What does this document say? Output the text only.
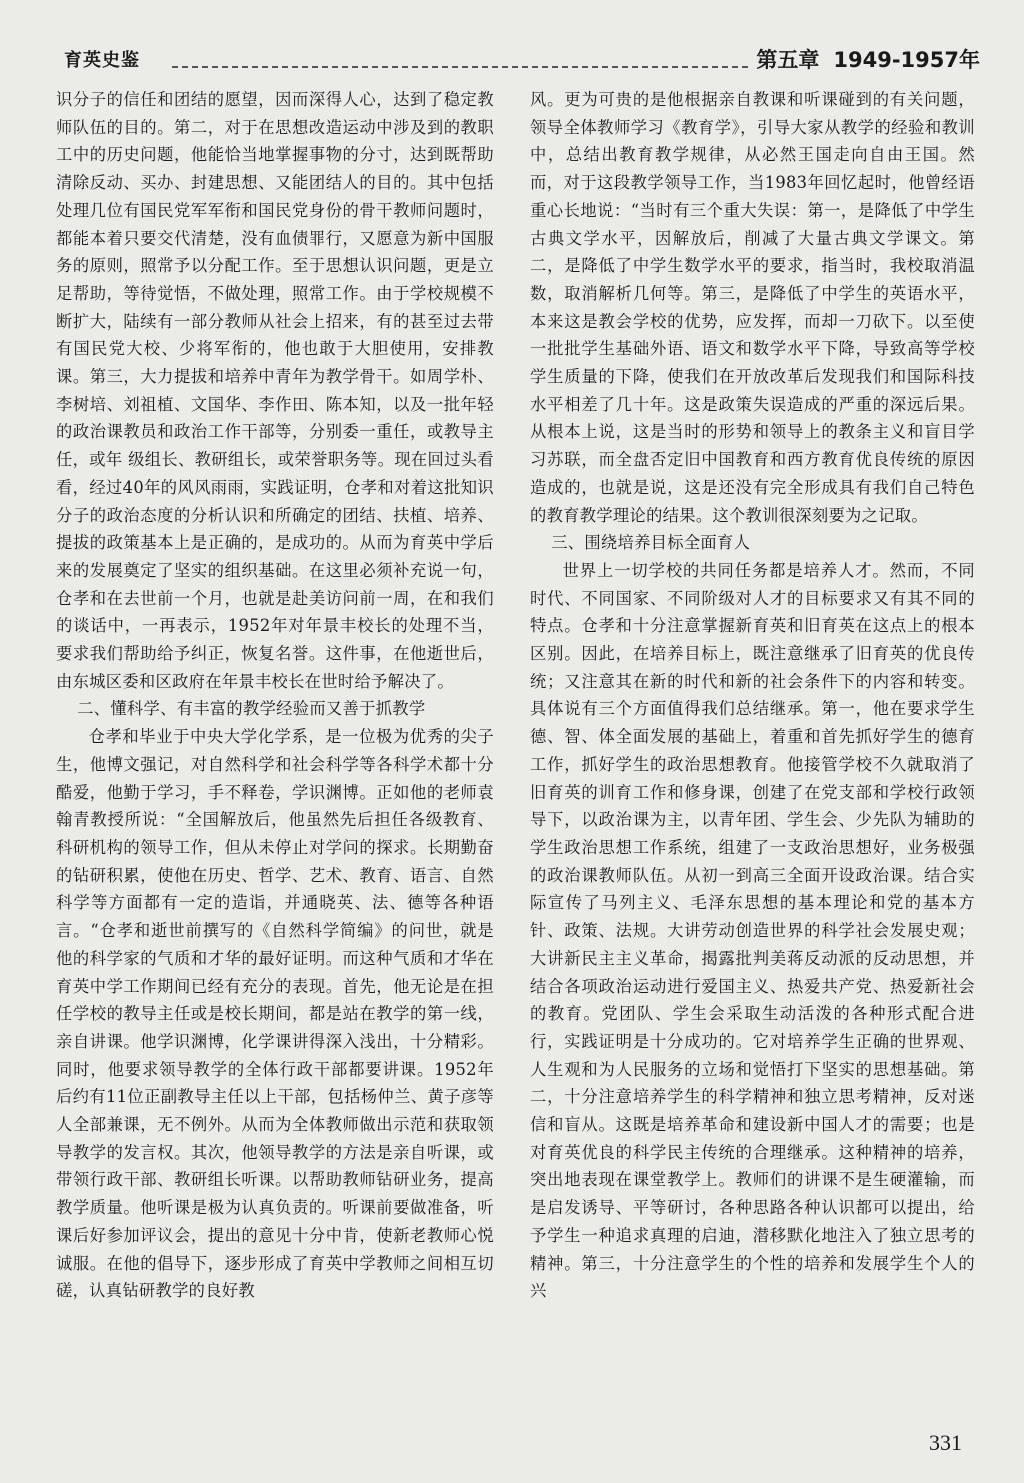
育英史鉴	第五章 1949-1957年

识分子的信任和团结的愿望，因而深得人心，达到了稳定教师队伍的目的。第二，对于在思想改造运动中涉及到的教职工中的历史问题，他能恰当地掌握事物的分寸，达到既帮助清除反动、买办、封建思想、又能团结人的目的。其中包括处理几位有国民党军军衔和国民党身份的骨干教师问题时，都能本着只要交代清楚，没有血债罪行，又愿意为新中国服务的原则，照常予以分配工作。至于思想认识问题，更是立足帮助，等待觉悟，不做处理，照常工作。由于学校规模不断扩大，陆续有一部分教师从社会上招来，有的甚至过去带有国民党大校、少将军衔的，他也敢于大胆使用，安排教课。第三，大力提拔和培养中青年为教学骨干。如周学朴、李树培、刘祖植、文国华、李作田、陈本知，以及一批年轻的政治课教员和政治工作干部等，分别委一重任，或教导主任，或年 级组长、教研组长，或荣誉职务等。现在回过头看看，经过40年的风风雨雨，实践证明，仓孝和对着这批知识分子的政治态度的分析认识和所确定的团结、扶植、培养、提拔的政策基本上是正确的，是成功的。从而为育英中学后来的发展奠定了坚实的组织基础。在这里必须补充说一句，仓孝和在去世前一个月，也就是赴美访问前一周，在和我们的谈话中，一再表示，1952年对年景丰校长的处理不当，要求我们帮助给予纠正，恢复名誉。这件事，在他逝世后，由东城区委和区政府在年景丰校长在世时给予解决了。

二、懂科学、有丰富的教学经验而又善于抓教学

仓孝和毕业于中央大学化学系，是一位极为优秀的尖子生，他博文强记，对自然科学和社会科学等各科学术都十分酷爱，他勤于学习，手不释卷，学识渊博。正如他的老师袁翰青教授所说：“全国解放后，他虽然先后担任各级教育、科研机构的领导工作，但从未停止对学问的探求。长期勤奋的钻研积累，使他在历史、哲学、艺术、教育、语言、自然科学等方面都有一定的造诣，并通晓英、法、德等各种语言。“仓孝和逝世前撰写的《自然科学简编》的问世，就是他的科学家的气质和才华的最好证明。而这种气质和才华在育英中学工作期间已经有充分的表现。首先，他无论是在担任学校的教导主任或是校长期间，都是站在教学的第一线，亲自讲课。他学识渊博，化学课讲得深入浅出，十分精彩。同时，他要求领导教学的全体行政干部都要讲课。1952年后约有11位正副教导主任以上干部，包括杨仲兰、黄子彦等人全部兼课，无不例外。从而为全体教师做出示范和获取领导教学的发言权。其次，他领导教学的方法是亲自听课，或带领行政干部、教研组长听课。以帮助教师钻研业务，提高教学质量。他听课是极为认真负责的。听课前要做准备，听课后好参加评议会，提出的意见十分中肯，使新老教师心悦诚服。在他的倡导下，逐步形成了育英中学教师之间相互切磋，认真钻研教学的良好教

风。更为可贵的是他根据亲自教课和听课碰到的有关问题，领导全体教师学习《教育学》，引导大家从教学的经验和教训中，总结出教育教学规律，从必然王国走向自由王国。然而，对于这段教学领导工作，当1983年回忆起时，他曾经语重心长地说：“当时有三个重大失误：第一，是降低了中学生古典文学水平，因解放后，削减了大量古典文学课文。第二，是降低了中学生数学水平的要求，指当时，我校取消温数，取消解析几何等。第三，是降低了中学生的英语水平，本来这是教会学校的优势，应发挥，而却一刀砍下。以至使一批批学生基础外语、语文和数学水平下降，导致高等学校学生质量的下降，使我们在开放改革后发现我们和国际科技水平相差了几十年。这是政策失误造成的严重的深远后果。从根本上说，这是当时的形势和领导上的教条主义和盲目学习苏联，而全盘否定旧中国教育和西方教育优良传统的原因造成的，也就是说，这是还没有完全形成具有我们自己特色的教育教学理论的结果。这个教训很深刻要为之记取。

三、围绕培养目标全面育人

世界上一切学校的共同任务都是培养人才。然而，不同时代、不同国家、不同阶级对人才的目标要求又有其不同的特点。仓孝和十分注意掌握新育英和旧育英在这点上的根本区别。因此，在培养目标上，既注意继承了旧育英的优良传统；又注意其在新的时代和新的社会条件下的内容和转变。具体说有三个方面值得我们总结继承。第一，他在要求学生德、智、体全面发展的基础上，着重和首先抓好学生的德育工作，抓好学生的政治思想教育。他接管学校不久就取消了旧育英的训育工作和修身课，创建了在党支部和学校行政领导下，以政治课为主，以青年团、学生会、少先队为辅助的学生政治思想工作系统，组建了一支政治思想好，业务极强的政治课教师队伍。从初一到高三全面开设政治课。结合实际宣传了马列主义、毛泽东思想的基本理论和党的基本方针、政策、法规。大讲劳动创造世界的科学社会发展史观；大讲新民主主义革命，揭露批判美蒋反动派的反动思想，并结合各项政治运动进行爱国主义、热爱共产党、热爱新社会的教育。党团队、学生会采取生动活泼的各种形式配合进行，实践证明是十分成功的。它对培养学生正确的世界观、人生观和为人民服务的立场和觉悟打下坚实的思想基础。第二，十分注意培养学生的科学精神和独立思考精神，反对迷信和盲从。这既是培养革命和建设新中国人才的需要；也是对育英优良的科学民主传统的合理继承。这种精神的培养，突出地表现在课堂教学上。教师们的讲课不是生硬灌输，而是启发诱导、平等研讨，各种思路各种认识都可以提出，给予学生一种追求真理的启迪，潜移默化地注入了独立思考的精神。第三，十分注意学生的个性的培养和发展学生个人的兴

331
